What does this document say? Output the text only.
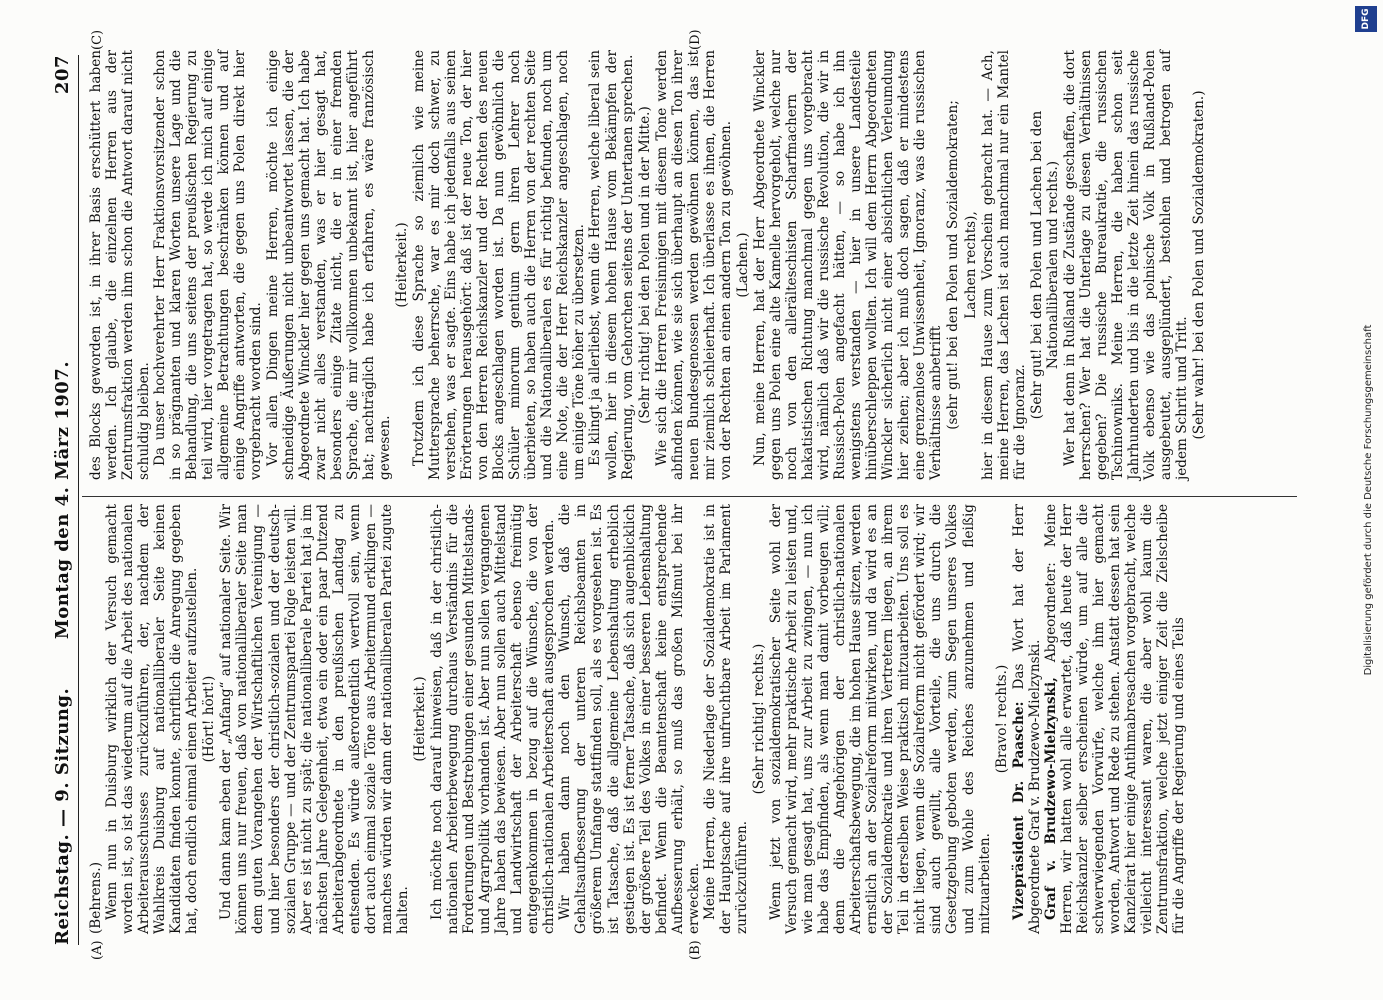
Reichstag. — 9. Sitzung.
Montag den 4. März 1907.
207
(A)	(B)
(C)	(D)

(Behrens.) Wenn nun in Duisburg wirklich der Versuch gemacht worden ist, so ist das wiederum auf die Arbeit des nationalen Arbeiterausschusses zurückzuführen, der, nachdem der Wahlkreis Duisburg auf nationalliberaler Seite keinen Kandidaten finden konnte, schriftlich die Anregung gegeben hat, doch endlich einmal einen Arbeiter aufzustellen. (Hört! hört!) Und dann kam eben der „Anfang“ auf nationaler Seite. Wir können uns nur freuen, daß von nationalliberaler Seite man dem guten Vorangehen der Wirtschaftlichen Vereinigung — und hier besonders der christlich-sozialen und der deutsch-sozialen Gruppe — und der Zentrumspartei Folge leisten will. Aber es ist nicht zu spät; die nationalliberale Partei hat ja im nächsten Jahre Gelegenheit, etwa ein oder ein paar Dutzend Arbeiterabgeordnete in den preußischen Landtag zu entsenden. Es würde außerordentlich wertvoll sein, wenn dort auch einmal soziale Töne aus Arbeitermund erklingen — manches würden wir dann der nationalliberalen Partei zugute halten.

(Heiterkeit.) Ich möchte noch darauf hinweisen, daß in der christlich-nationalen Arbeiterbewegung durchaus Verständnis für die Forderungen und Bestrebungen einer gesunden Mittelstands- und Agrarpolitik vorhanden ist. Aber nun sollen vergangenen Jahre haben das bewiesen. Aber nun sollen auch Mittelstand und Landwirtschaft der Arbeiterschaft ebenso freimütig entgegenkommen in bezug auf die Wünsche, die von der christlich-nationalen Arbeiterschaft ausgesprochen werden. Wir haben dann noch den Wunsch, daß die Gehaltsaufbesserung der unteren Reichsbeamten in größerem Umfange stattfinden soll, als es vorgesehen ist. Es ist Tatsache, daß die allgemeine Lebenshaltung erheblich gestiegen ist. Es ist ferner Tatsache, daß sich augenblicklich der größere Teil des Volkes in einer besseren Lebenshaltung befindet. Wenn die Beamtenschaft keine entsprechende Aufbesserung erhält, so muß das großen Mißmut bei ihr erwecken. Meine Herren, die Niederlage der Sozialdemokratie ist in der Hauptsache auf ihre unfruchtbare Arbeit im Parlament zurückzuführen.

(Sehr richtig! rechts.) Wenn jetzt von sozialdemokratischer Seite wohl der Versuch gemacht wird, mehr praktische Arbeit zu leisten und, wie man gesagt hat, uns zur Arbeit zu zwingen, — nun ich habe das Empfinden, als wenn man damit vorbeugen will; denn die Angehörigen der christlich-nationalen Arbeiterschaftsbewegung, die im hohen Hause sitzen, werden ernstlich an der Sozialreform mitwirken, und da wird es an der Sozialdemokratie und ihren Vertretern liegen, an ihrem Teil in derselben Weise praktisch mitzuarbeiten. Uns soll es nicht liegen, wenn die Sozialreform nicht gefördert wird; wir sind auch gewillt, alle Vorteile, die uns durch die Gesetzgebung geboten werden, zum Segen unseres Volkes und zum Wohle des Reiches anzunehmen und fleißig mitzuarbeiten.

(Bravo! rechts.) Vizepräsident Dr. Paasche: Das Wort hat der Herr Abgeordnete Graf v. Brudzewo-Mielzynski. Graf v. Brudzewo-Mielzynski, Abgeordneter: Meine Herren, wir hatten wohl alle erwartet, daß heute der Herr Reichskanzler selber erscheinen würde, um auf alle die schwerwiegenden Vorwürfe, welche ihm hier gemacht worden, Antwort und Rede zu stehen. Anstatt dessen hat sein Kanzleirat hier einige Antihmabresachen vorgebracht, welche vielleicht interessant waren, die aber wohl kaum die Zentrumsfraktion, welche jetzt einiger Zeit die Zielscheibe für die Angriffe der Regierung und eines Teils

des Blocks geworden ist, in ihrer Basis erschüttert haben werden. Ich glaube, die einzelnen Herren aus der Zentrumsfraktion werden ihm schon die Antwort darauf nicht schuldig bleiben. Da unser hochverehrter Herr Fraktionsvorsitzender schon in so prägnanten und klaren Worten unsere Lage und die Behandlung, die uns seitens der preußischen Regierung zu teil wird, hier vorgetragen hat, so werde ich mich auf einige allgemeine Betrachtungen beschränken können und auf einige Angriffe antworten, die gegen uns Polen direkt hier vorgebracht worden sind. Vor allen Dingen meine Herren, möchte ich einige schneidige Äußerungen nicht unbeantwortet lassen, die der Abgeordnete Winckler hier gegen uns gemacht hat. Ich habe zwar nicht alles verstanden, was er hier gesagt hat, besonders einige Zitate nicht, die er in einer fremden Sprache, die mir vollkommen unbekannt ist, hier angeführt hat; nachträglich habe ich erfahren, es wäre französisch gewesen.

(Heiterkeit.) Trotzdem ich diese Sprache so ziemlich wie meine Muttersprache beherrsche, war es mir doch schwer, zu verstehen, was er sagte. Eins habe ich jedenfalls aus seinen Erörterungen herausgehört: daß ist der neue Ton, der hier von den Herren Reichskanzler und der Rechten des neuen Blocks angeschlagen worden ist. Da nun gewöhnlich die Schüler minorum gentium gern ihren Lehrer noch überbieten, so haben auch die Herren von der rechten Seite und die Nationalliberalen es für richtig befunden, noch um eine Note, die der Herr Reichskanzler angeschlagen, noch um einige Töne höher zu übersetzen. Es klingt ja allerliebst, wenn die Herren, welche liberal sein wollen, hier in diesem hohen Hause vom Bekämpfen der Regierung, vom Gehorchen seitens der Untertanen sprechen. (Sehr richtig! bei den Polen und in der Mitte.) Wie sich die Herren Freisinnigen mit diesem Tone werden abfinden können, wie sie sich überhaupt an diesen Ton ihrer neuen Bundesgenossen werden gewöhnen können, das ist mir ziemlich schleierhaft. Ich überlasse es ihnen, die Herren von der Rechten an einen andern Ton zu gewöhnen. (Lachen.) Nun, meine Herren, hat der Herr Abgeordnete Winckler gegen uns Polen eine alte Kamelle hervorgeholt, welche nur noch von den allerälteschisten Scharfmachern der hakatistischen Richtung manchmal gegen uns vorgebracht wird, nämlich daß wir die russische Revolution, die wir in Russisch-Polen angefacht hätten, — so habe ich ihn wenigstens verstanden — hier in unsere Landesteile hinüberschleppen wollten. Ich will dem Herrn Abgeordneten Winckler sicherlich nicht einer absichtlichen Verleumdung hier zeihen; aber ich muß doch sagen, daß er mindestens eine grenzenlose Unwissenheit, Ignoranz, was die russischen Verhältnisse anbetrifft (sehr gut! bei den Polen und Sozialdemokraten; Lachen rechts), hier in diesem Hause zum Vorschein gebracht hat. — Ach, meine Herren, das Lachen ist auch manchmal nur ein Mantel für die Ignoranz.

(Sehr gut! bei den Polen und Lachen bei den Nationalliberalen und rechts.) Wer hat denn in Rußland die Zustände geschaffen, die dort herrschen? Wer hat die Unterlage zu diesen Verhältnissen gegeben? Die russische Bureaukratie, die russischen Tschinowniks. Meine Herren, die haben schon seit Jahrhunderten und bis in die letzte Zeit hinein das russische Volk ebenso wie das polnische Volk in Rußland-Polen ausgebeutet, ausgeplündert, bestohlen und betrogen auf jedem Schritt und Tritt. (Sehr wahr! bei den Polen und Sozialdemokraten.)

Digitalisierung gefördert durch die Deutsche Forschungsgemeinschaft
DFG
